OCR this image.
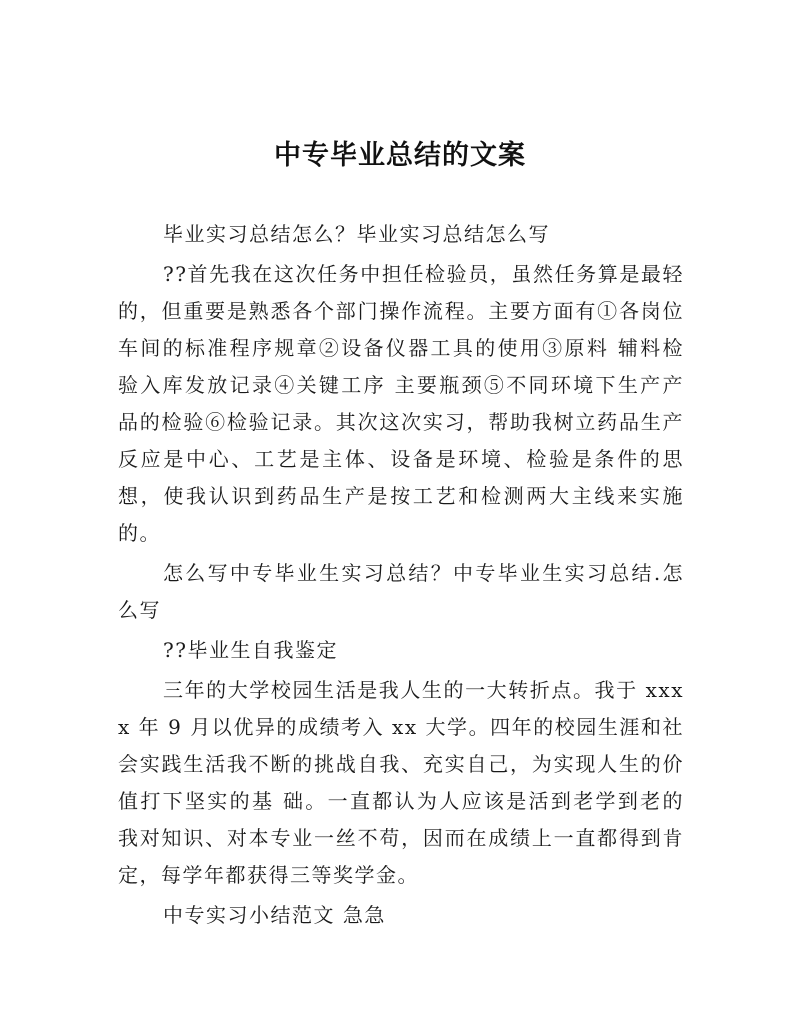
中专毕业总结的文案

毕业实习总结怎么？毕业实习总结怎么写

??首先我在这次任务中担任检验员，虽然任务算是最轻的，但重要是熟悉各个部门操作流程。主要方面有①各岗位车间的标准程序规章②设备仪器工具的使用③原料 辅料检验入库发放记录④关键工序 主要瓶颈⑤不同环境下生产产品的检验⑥检验记录。其次这次实习，帮助我树立药品生产反应是中心、工艺是主体、设备是环境、检验是条件的思想，使我认识到药品生产是按工艺和检测两大主线来实施的。

怎么写中专毕业生实习总结？中专毕业生实习总结.怎么写

??毕业生自我鉴定

三年的大学校园生活是我人生的一大转折点。我于 xxxx 年 9 月以优异的成绩考入 xx 大学。四年的校园生涯和社会实践生活我不断的挑战自我、充实自己，为实现人生的价值打下坚实的基 础。一直都认为人应该是活到老学到老的我对知识、对本专业一丝不苟，因而在成绩上一直都得到肯定，每学年都获得三等奖学金。

中专实习小结范文 急急
